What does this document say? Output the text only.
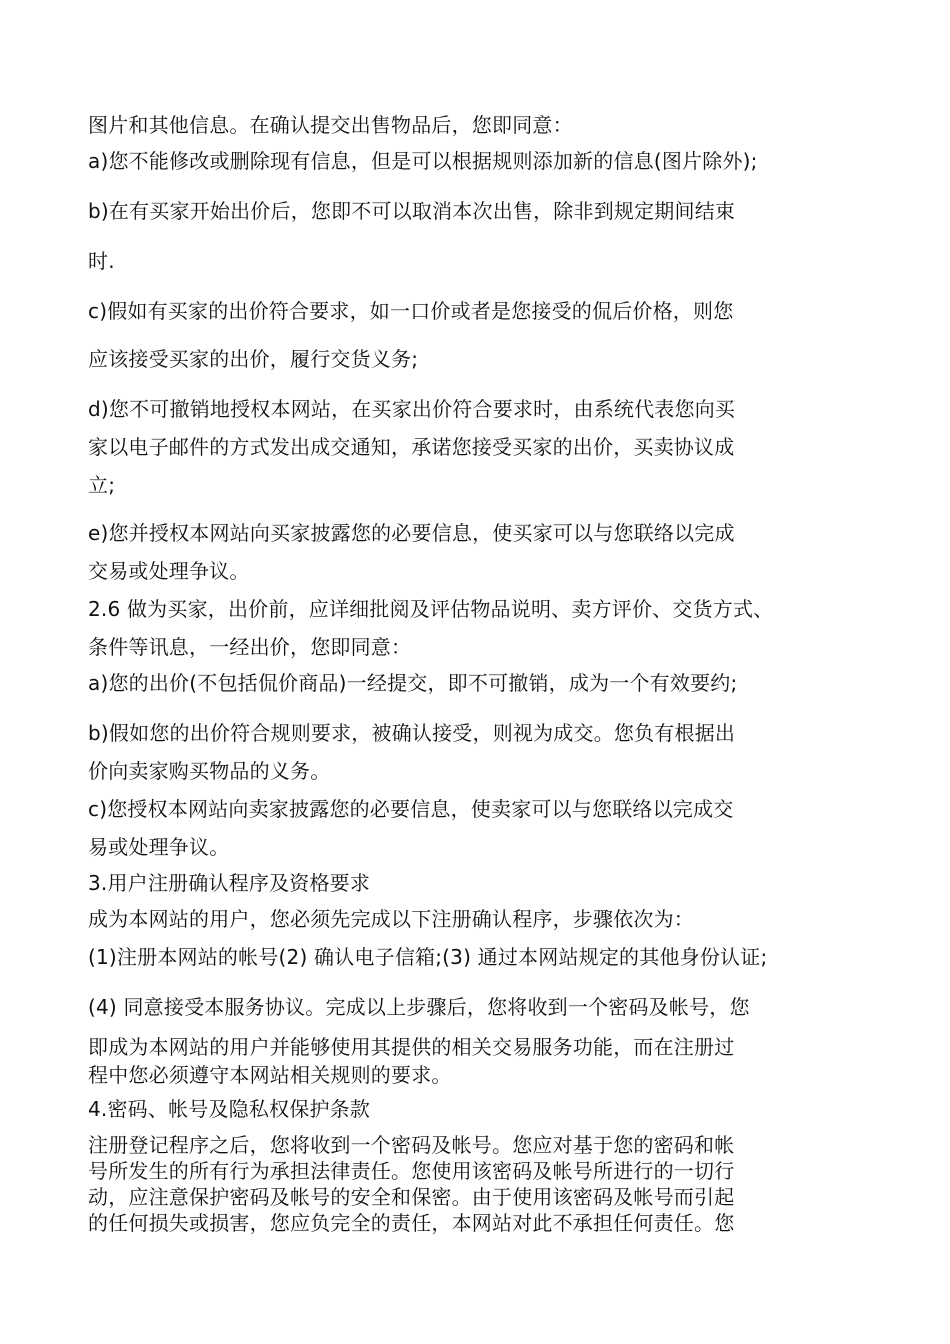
图片和其他信息。在确认提交出售物品后，您即同意：
a)您不能修改或删除现有信息，但是可以根据规则添加新的信息(图片除外);
b)在有买家开始出价后，您即不可以取消本次出售，除非到规定期间结束
时.
c)假如有买家的出价符合要求，如一口价或者是您接受的侃后价格，则您
应该接受买家的出价，履行交货义务;
d)您不可撤销地授权本网站，在买家出价符合要求时，由系统代表您向买
家以电子邮件的方式发出成交通知，承诺您接受买家的出价，买卖协议成
立;
e)您并授权本网站向买家披露您的必要信息，使买家可以与您联络以完成
交易或处理争议。
2.6 做为买家，出价前，应详细批阅及评估物品说明、卖方评价、交货方式、
条件等讯息，一经出价，您即同意：
a)您的出价(不包括侃价商品)一经提交，即不可撤销，成为一个有效要约;
b)假如您的出价符合规则要求，被确认接受，则视为成交。您负有根据出
价向卖家购买物品的义务。
c)您授权本网站向卖家披露您的必要信息，使卖家可以与您联络以完成交
易或处理争议。
3.用户注册确认程序及资格要求
成为本网站的用户，您必须先完成以下注册确认程序，步骤依次为：
(1)注册本网站的帐号(2) 确认电子信箱;(3) 通过本网站规定的其他身份认证;
(4) 同意接受本服务协议。完成以上步骤后，您将收到一个密码及帐号，您
即成为本网站的用户并能够使用其提供的相关交易服务功能，而在注册过
程中您必须遵守本网站相关规则的要求。
4.密码、帐号及隐私权保护条款
注册登记程序之后，您将收到一个密码及帐号。您应对基于您的密码和帐
号所发生的所有行为承担法律责任。您使用该密码及帐号所进行的一切行
动，应注意保护密码及帐号的安全和保密。由于使用该密码及帐号而引起
的任何损失或损害，您应负完全的责任，本网站对此不承担任何责任。您
